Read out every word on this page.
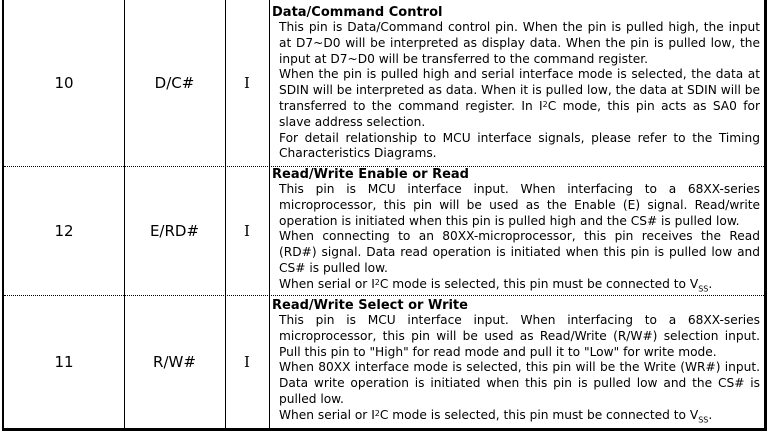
10	D/C#	I
Data/Command Control

This pin is Data/Command control pin. When the pin is pulled high, the input at D7~D0 will be interpreted as display data. When the pin is pulled low, the input at D7~D0 will be transferred to the command register.

When the pin is pulled high and serial interface mode is selected, the data at SDIN will be interpreted as data. When it is pulled low, the data at SDIN will be transferred to the command register. In $I^2C$ mode, this pin acts as SA0 for slave address selection.

For detail relationship to MCU interface signals, please refer to the Timing Characteristics Diagrams.

12	E/RD#	I
Read/Write Enable or Read

This pin is MCU interface input. When interfacing to a 68XX-series microprocessor, this pin will be used as the Enable (E) signal. Read/write operation is initiated when this pin is pulled high and the CS# is pulled low.

When connecting to an 80XX-microprocessor, this pin receives the Read (RD#) signal. Data read operation is initiated when this pin is pulled low and CS# is pulled low.

When serial or $I^2C$ mode is selected, this pin must be connected to $V_{SS}$.

11	R/W#	I
Read/Write Select or Write

This pin is MCU interface input. When interfacing to a 68XX-series microprocessor, this pin will be used as Read/Write (R/W#) selection input. Pull this pin to "High" for read mode and pull it to "Low" for write mode.

When 80XX interface mode is selected, this pin will be the Write (WR#) input. Data write operation is initiated when this pin is pulled low and the CS# is pulled low.

When serial or $I^2C$ mode is selected, this pin must be connected to $V_{SS}$.
